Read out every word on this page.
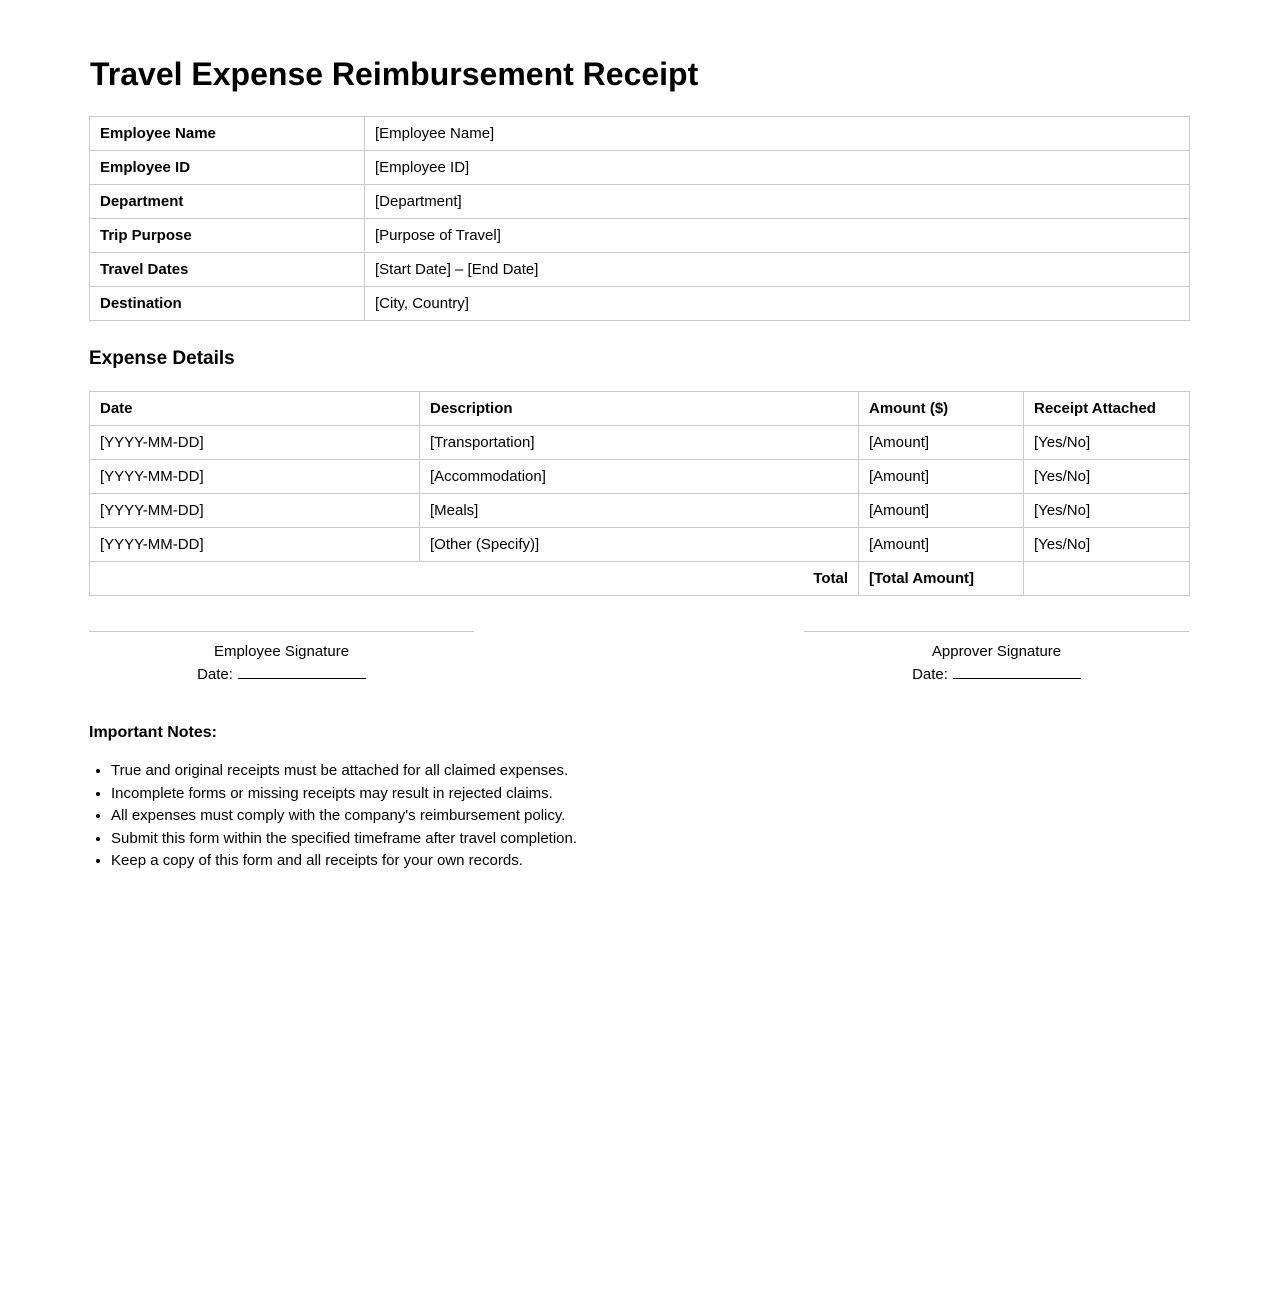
Travel Expense Reimbursement Receipt
Employee Name	[Employee Name]
Employee ID	[Employee ID]
Department	[Department]
Trip Purpose	[Purpose of Travel]
Travel Dates	[Start Date] – [End Date]
Destination	[City, Country]
Expense Details
Date	Description	Amount ($)	Receipt Attached
[YYYY-MM-DD]	[Transportation]	[Amount]	[Yes/No]
[YYYY-MM-DD]	[Accommodation]	[Amount]	[Yes/No]
[YYYY-MM-DD]	[Meals]	[Amount]	[Yes/No]
[YYYY-MM-DD]	[Other (Specify)]	[Amount]	[Yes/No]
Total		[Total Amount]	
Employee Signature
Date:
Approver Signature
Date:
Important Notes:
• True and original receipts must be attached for all claimed expenses.
• Incomplete forms or missing receipts may result in rejected claims.
• All expenses must comply with the company's reimbursement policy.
• Submit this form within the specified timeframe after travel completion.
• Keep a copy of this form and all receipts for your own records.
